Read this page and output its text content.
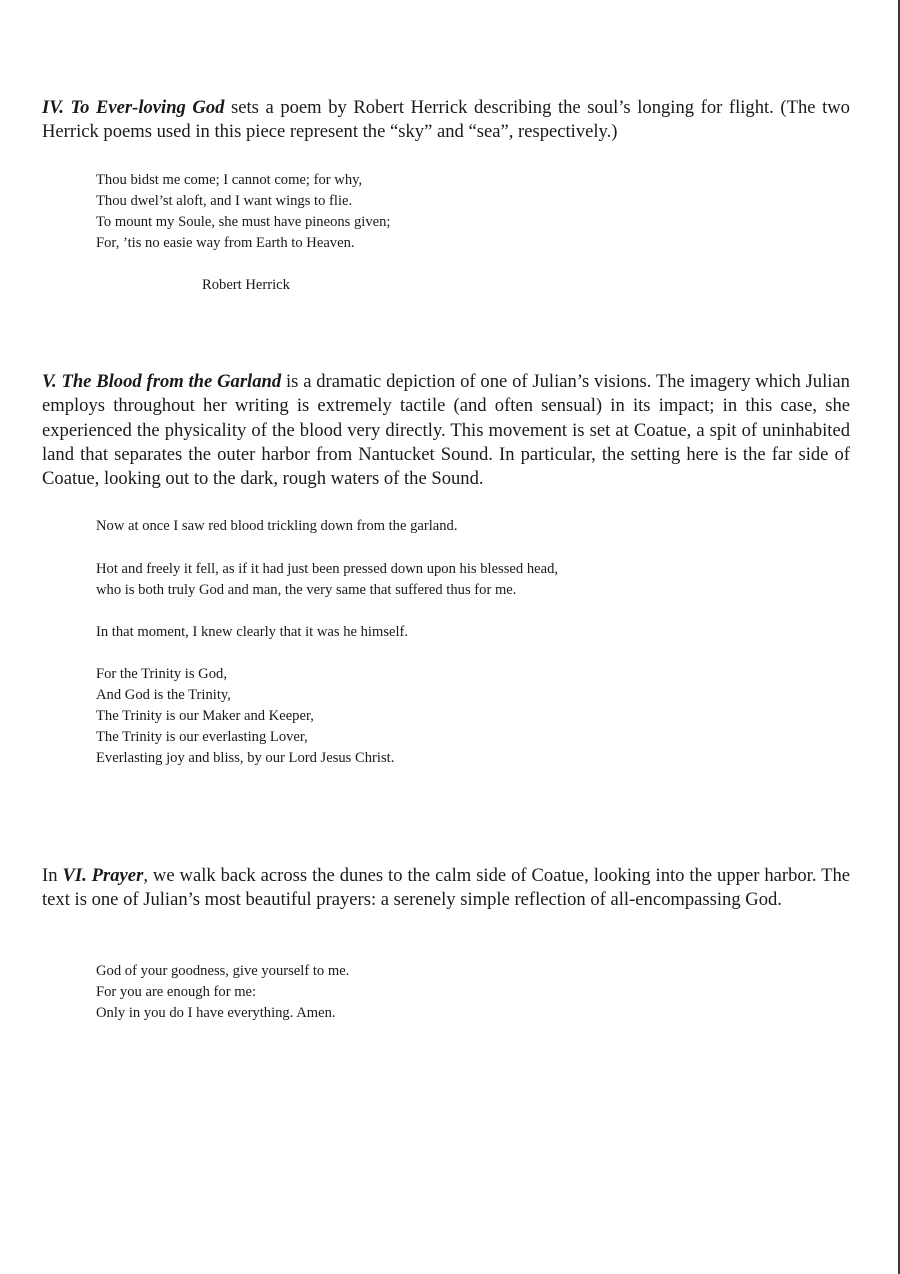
IV. To Ever-loving God sets a poem by Robert Herrick describing the soul’s longing for flight. (The two Herrick poems used in this piece represent the “sky” and “sea”, respectively.)

Thou bidst me come; I cannot come; for why,
Thou dwel’st aloft, and I want wings to flie.
To mount my Soule, she must have pineons given;
For, ’tis no easie way from Earth to Heaven.

Robert Herrick

V. The Blood from the Garland is a dramatic depiction of one of Julian’s visions. The imagery which Julian employs throughout her writing is extremely tactile (and often sensual) in its impact; in this case, she experienced the physicality of the blood very directly. This movement is set at Coatue, a spit of uninhabited land that separates the outer harbor from Nantucket Sound. In particular, the setting here is the far side of Coatue, looking out to the dark, rough waters of the Sound.

Now at once I saw red blood trickling down from the garland.
Hot and freely it fell, as if it had just been pressed down upon his blessed head,
who is both truly God and man, the very same that suffered thus for me.
In that moment, I knew clearly that it was he himself.
For the Trinity is God,
And God is the Trinity,
The Trinity is our Maker and Keeper,
The Trinity is our everlasting Lover,
Everlasting joy and bliss, by our Lord Jesus Christ.

In VI. Prayer, we walk back across the dunes to the calm side of Coatue, looking into the upper harbor. The text is one of Julian’s most beautiful prayers: a serenely simple reflection of all-encompassing God.

God of your goodness, give yourself to me.
For you are enough for me:
Only in you do I have everything. Amen.
